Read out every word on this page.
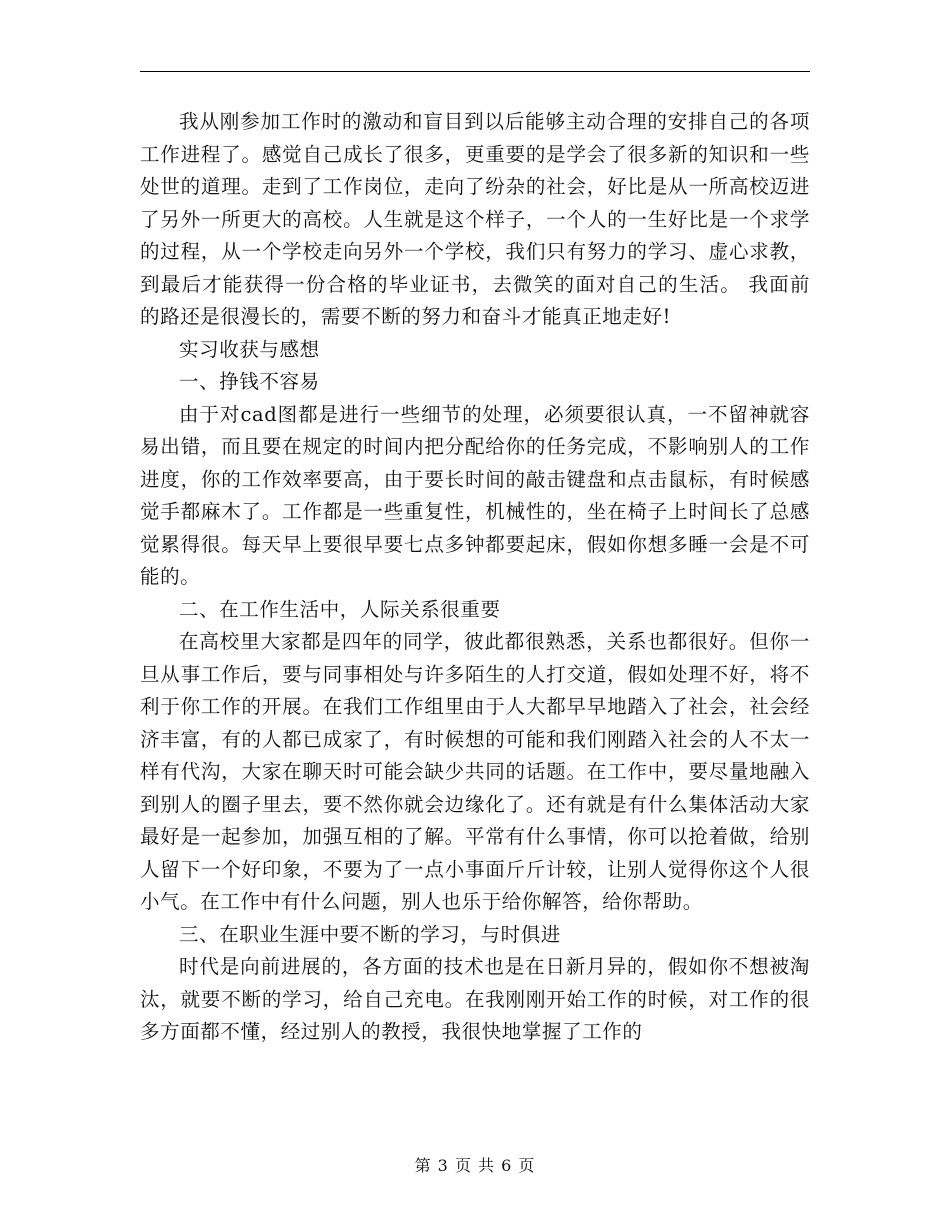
我从刚参加工作时的激动和盲目到以后能够主动合理的安排自己的各项工作进程了。感觉自己成长了很多，更重要的是学会了很多新的知识和一些处世的道理。走到了工作岗位，走向了纷杂的社会，好比是从一所高校迈进了另外一所更大的高校。人生就是这个样子，一个人的一生好比是一个求学的过程，从一个学校走向另外一个学校，我们只有努力的学习、虚心求教，到最后才能获得一份合格的毕业证书，去微笑的面对自己的生活。 我面前的路还是很漫长的，需要不断的努力和奋斗才能真正地走好!

实习收获与感想

一、挣钱不容易

由于对cad图都是进行一些细节的处理，必须要很认真，一不留神就容易出错，而且要在规定的时间内把分配给你的任务完成，不影响别人的工作进度，你的工作效率要高，由于要长时间的敲击键盘和点击鼠标，有时候感觉手都麻木了。工作都是一些重复性，机械性的，坐在椅子上时间长了总感觉累得很。每天早上要很早要七点多钟都要起床，假如你想多睡一会是不可能的。

二、在工作生活中，人际关系很重要

在高校里大家都是四年的同学，彼此都很熟悉，关系也都很好。但你一旦从事工作后，要与同事相处与许多陌生的人打交道，假如处理不好，将不利于你工作的开展。在我们工作组里由于人大都早早地踏入了社会，社会经济丰富，有的人都已成家了，有时候想的可能和我们刚踏入社会的人不太一样有代沟，大家在聊天时可能会缺少共同的话题。在工作中，要尽量地融入到别人的圈子里去，要不然你就会边缘化了。还有就是有什么集体活动大家最好是一起参加，加强互相的了解。平常有什么事情，你可以抢着做，给别人留下一个好印象，不要为了一点小事面斤斤计较，让别人觉得你这个人很小气。在工作中有什么问题，别人也乐于给你解答，给你帮助。

三、在职业生涯中要不断的学习，与时俱进

时代是向前进展的，各方面的技术也是在日新月异的，假如你不想被淘汰，就要不断的学习，给自己充电。在我刚刚开始工作的时候，对工作的很多方面都不懂，经过别人的教授，我很快地掌握了工作的

第 3 页 共 6 页
